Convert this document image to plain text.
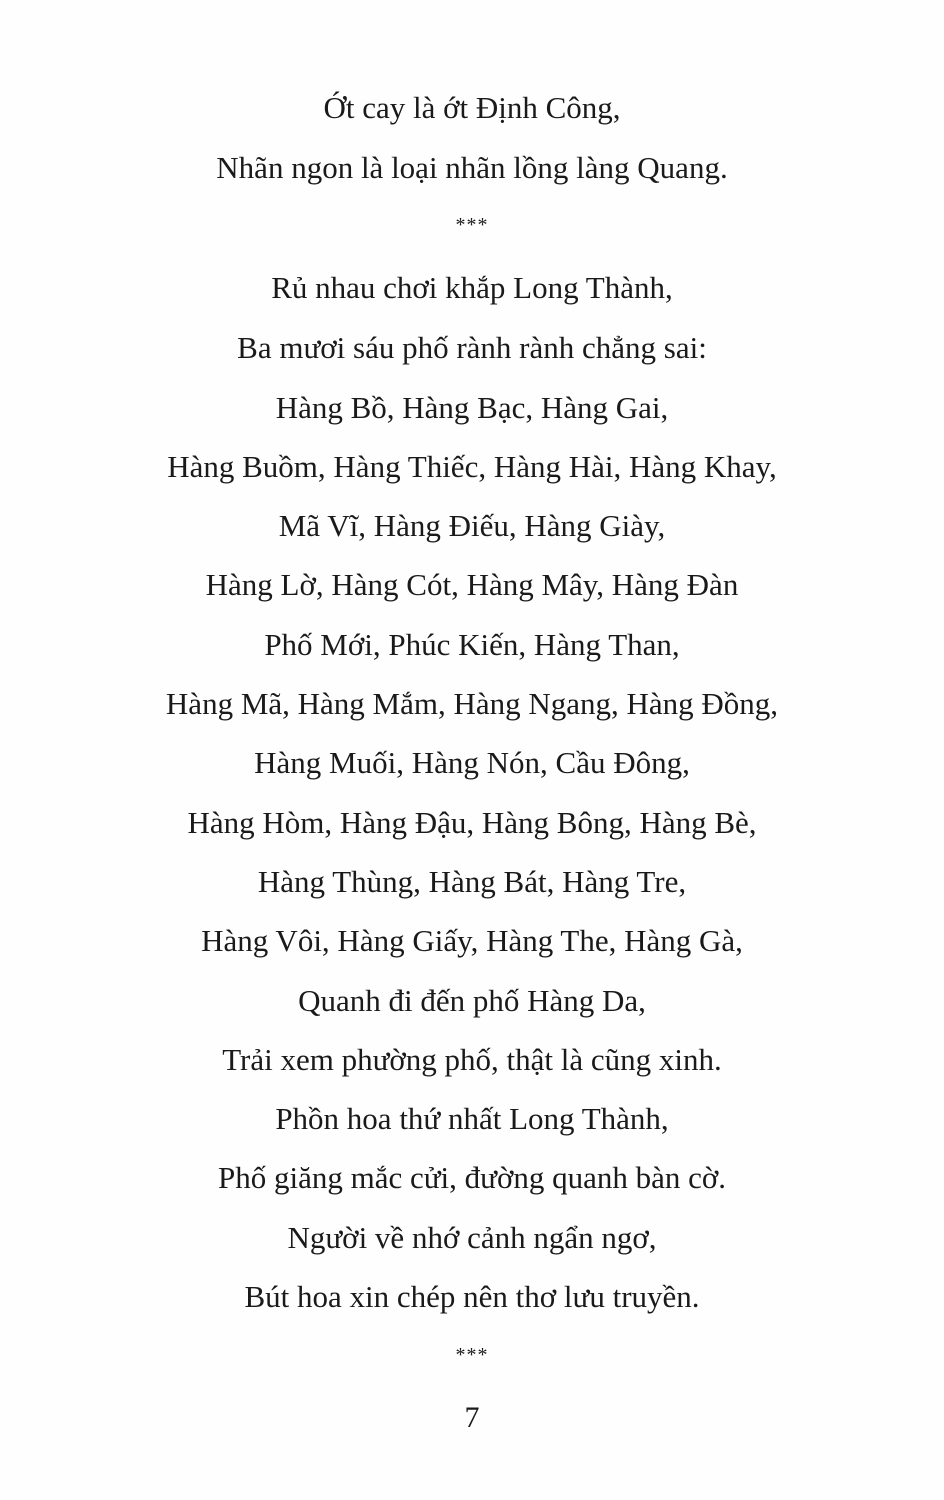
Ớt cay là ớt Định Công,
Nhãn ngon là loại nhãn lồng làng Quang.
***
Rủ nhau chơi khắp Long Thành,
Ba mươi sáu phố rành rành chẳng sai:
Hàng Bồ, Hàng Bạc, Hàng Gai,
Hàng Buồm, Hàng Thiếc, Hàng Hài, Hàng Khay,
Mã Vĩ, Hàng Điếu, Hàng Giày,
Hàng Lờ, Hàng Cót, Hàng Mây, Hàng Đàn
Phố Mới, Phúc Kiến, Hàng Than,
Hàng Mã, Hàng Mắm, Hàng Ngang, Hàng Đồng,
Hàng Muối, Hàng Nón, Cầu Đông,
Hàng Hòm, Hàng Đậu, Hàng Bông, Hàng Bè,
Hàng Thùng, Hàng Bát, Hàng Tre,
Hàng Vôi, Hàng Giấy, Hàng The, Hàng Gà,
Quanh đi đến phố Hàng Da,
Trải xem phường phố, thật là cũng xinh.
Phồn hoa thứ nhất Long Thành,
Phố giăng mắc cửi, đường quanh bàn cờ.
Người về nhớ cảnh ngẩn ngơ,
Bút hoa xin chép nên thơ lưu truyền.
***
7
